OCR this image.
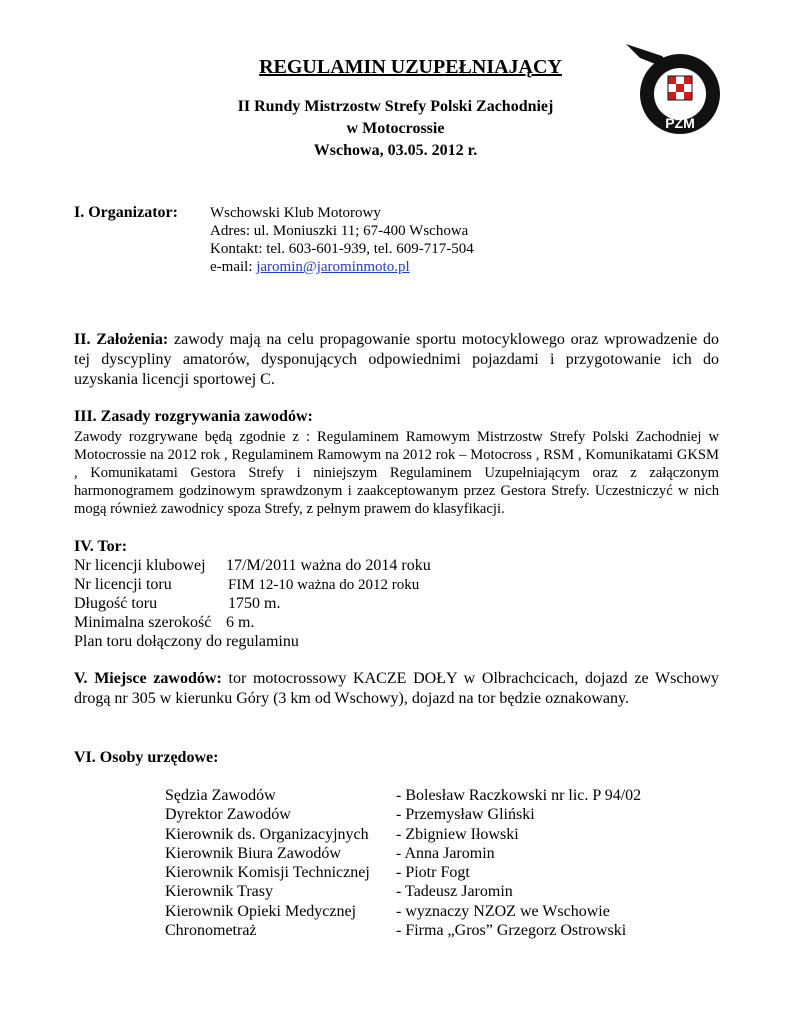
PZM
REGULAMIN UZUPEŁNIAJĄCY
II Rundy Mistrzostw Strefy Polski Zachodniej
w Motocrossie
Wschowa, 03.05. 2012 r.
I. Organizator: Wschowski Klub Motorowy
Adres: ul. Moniuszki 11; 67-400 Wschowa
Kontakt: tel. 603-601-939, tel. 609-717-504
e-mail: jaromin@jarominmoto.pl
II. Założenia: zawody mają na celu propagowanie sportu motocyklowego oraz wprowadzenie do tej dyscypliny amatorów, dysponujących odpowiednimi pojazdami i przygotowanie ich do uzyskania licencji sportowej C.
III. Zasady rozgrywania zawodów:
Zawody rozgrywane będą zgodnie z : Regulaminem Ramowym Mistrzostw Strefy Polski Zachodniej w Motocrossie na 2012 rok , Regulaminem Ramowym na 2012 rok – Motocross , RSM , Komunikatami GKSM , Komunikatami Gestora Strefy i niniejszym Regulaminem Uzupełniającym oraz z załączonym harmonogramem godzinowym sprawdzonym i zaakceptowanym przez Gestora Strefy. Uczestniczyć w nich mogą również zawodnicy spoza Strefy, z pełnym prawem do klasyfikacji.
IV. Tor:
Nr licencji klubowej 17/M/2011 ważna do 2014 roku
Nr licencji toru	FIM 12-10 ważna do 2012 roku
Długość toru	1750 m.
Minimalna szerokość 6 m.
Plan toru dołączony do regulaminu
V. Miejsce zawodów: tor motocrossowy KACZE DOŁY w Olbrachcicach, dojazd ze Wschowy drogą nr 305 w kierunku Góry (3 km od Wschowy), dojazd na tor będzie oznakowany.
VI. Osoby urzędowe:
Sędzia Zawodów	- Bolesław Raczkowski nr lic. P 94/02
Dyrektor Zawodów	- Przemysław Gliński
Kierownik ds. Organizacyjnych - Zbigniew Iłowski
Kierownik Biura Zawodów	- Anna Jaromin
Kierownik Komisji Technicznej - Piotr Fogt
Kierownik Trasy	- Tadeusz Jaromin
Kierownik Opieki Medycznej - wyznaczy NZOZ we Wschowie
Chronometraż	- Firma „Gros” Grzegorz Ostrowski
